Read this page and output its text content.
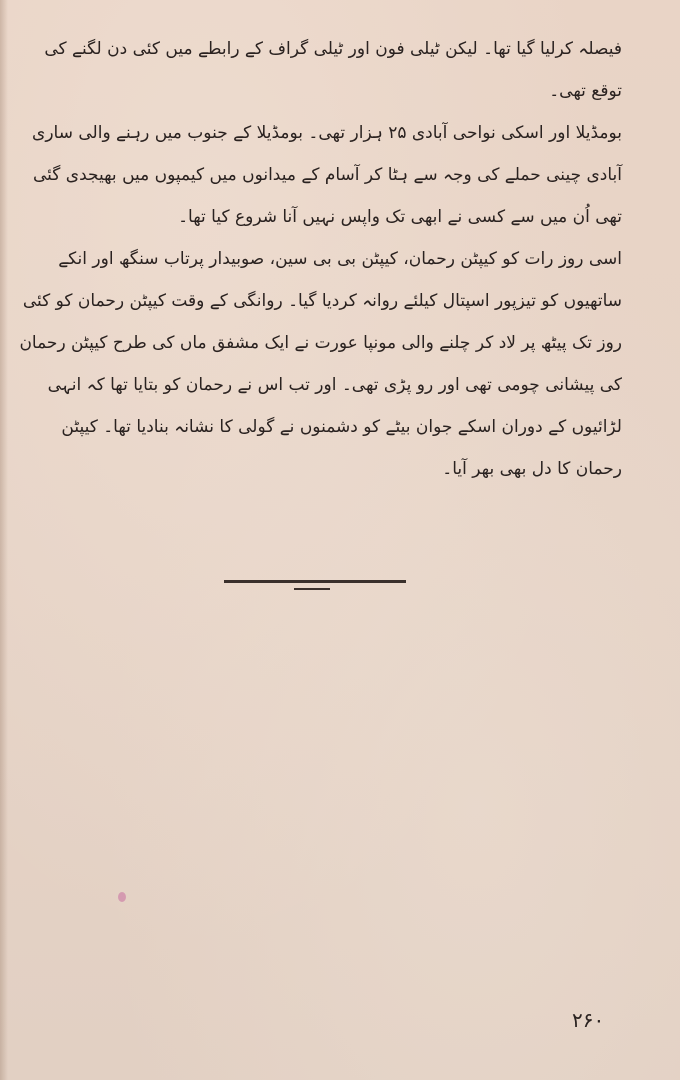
فیصلہ کرلیا گیا تھا۔ لیکن ٹیلی فون اور ٹیلی گراف کے رابطے میں کئی دن لگنے کی توقع تھی۔

بومڈیلا اور اسکی نواحی آبادی ۲۵ ہزار تھی۔ بومڈیلا کے جنوب میں رہنے والی ساری آبادی چینی حملے کی وجہ سے ہٹا کر آسام کے میدانوں میں کیمپوں میں بھیجدی گئی تھی اُن میں سے کسی نے ابھی تک واپس نہیں آنا شروع کیا تھا۔

اسی روز رات کو کیپٹن رحمان، کیپٹن بی بی سین، صوبیدار پرتاب سنگھ اور انکے ساتھیوں کو تیزپور اسپتال کیلئے روانہ کردیا گیا۔ روانگی کے وقت کیپٹن رحمان کو کئی روز تک پیٹھ پر لاد کر چلنے والی مونپا عورت نے ایک مشفق ماں کی طرح کیپٹن رحمان کی پیشانی چومی تھی اور رو پڑی تھی۔ اور تب اس نے رحمان کو بتایا تھا کہ انہی لڑائیوں کے دوران اسکے جوان بیٹے کو دشمنوں نے گولی کا نشانہ بنادیا تھا۔ کیپٹن رحمان کا دل بھی بھر آیا۔

۲۶۰
